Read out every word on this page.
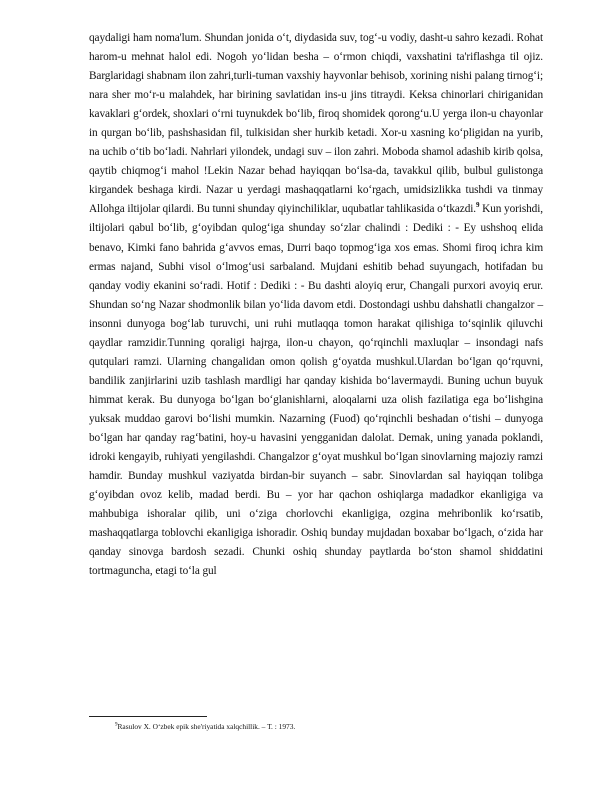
qaydaligi ham noma'lum. Shundan jonida o‘t, diydasida suv, tog‘-u vodiy, dasht-u sahro kezadi. Rohat harom-u mehnat halol edi. Nogoh yo‘lidan besha – o‘rmon chiqdi, vaxshatini ta'riflashga til ojiz. Barglaridagi shabnam ilon zahri,turli-tuman vaxshiy hayvonlar behisob, xorining nishi palang tirnog‘i; nara sher mo‘r-u malahdek, har birining savlatidan ins-u jins titraydi. Keksa chinorlari chiriganidan kavaklari g‘ordek, shoxlari o‘rni tuynukdek bo‘lib, firoq shomidek qorong‘u.U yerga ilon-u chayonlar in qurgan bo‘lib, pashshasidan fil, tulkisidan sher hurkib ketadi. Xor-u xasning ko‘pligidan na yurib, na uchib o‘tib bo‘ladi. Nahrlari yilondek, undagi suv – ilon zahri. Moboda shamol adashib kirib qolsa, qaytib chiqmog‘i mahol !Lekin Nazar behad hayiqqan bo‘lsa-da, tavakkul qilib, bulbul gulistonga kirgandek beshaga kirdi. Nazar u yerdagi mashaqqatlarni ko‘rgach, umidsizlikka tushdi va tinmay Allohga iltijolar qilardi. Bu tunni shunday qiyinchiliklar, uqubatlar tahlikasida o‘tkazdi.$^9$ Kun yorishdi, iltijolari qabul bo‘lib, g‘oyibdan qulog‘iga shunday so‘zlar chalindi : Dediki : - Ey ushshoq elida benavo, Kimki fano bahrida g‘avvos emas, Durri baqo topmog‘iga xos emas. Shomi firoq ichra kim ermas najand, Subhi visol o‘lmog‘usi sarbaland. Mujdani eshitib behad suyungach, hotifadan bu qanday vodiy ekanini so‘radi. Hotif : Dediki : - Bu dashti aloyiq erur, Changali purxori avoyiq erur. Shundan so‘ng Nazar shodmonlik bilan yo‘lida davom etdi. Dostondagi ushbu dahshatli changalzor – insonni dunyoga bog‘lab turuvchi, uni ruhi mutlaqqa tomon harakat qilishiga to‘sqinlik qiluvchi qaydlar ramzidir.Tunning qoraligi hajrga, ilon-u chayon, qo‘rqinchli maxluqlar – insondagi nafs qutqulari ramzi. Ularning changalidan omon qolish g‘oyatda mushkul.Ulardan bo‘lgan qo‘rquvni, bandilik zanjirlarini uzib tashlash mardligi har qanday kishida bo‘lavermaydi. Buning uchun buyuk himmat kerak. Bu dunyoga bo‘lgan bo‘glanishlarni, aloqalarni uza olish fazilatiga ega bo‘lishgina yuksak muddao garovi bo‘lishi mumkin. Nazarning (Fuod) qo‘rqinchli beshadan o‘tishi – dunyoga bo‘lgan har qanday rag‘batini, hoy-u havasini yengganidan dalolat. Demak, uning yanada poklandi, idroki kengayib, ruhiyati yengilashdi. Changalzor g‘oyat mushkul bo‘lgan sinovlarning majoziy ramzi hamdir. Bunday mushkul vaziyatda birdan-bir suyanch – sabr. Sinovlardan sal hayiqqan tolibga g‘oyibdan ovoz kelib, madad berdi. Bu – yor har qachon oshiqlarga madadkor ekanligiga va mahbubiga ishoralar qilib, uni o‘ziga chorlovchi ekanligiga, ozgina mehribonlik ko‘rsatib, mashaqqatlarga toblovchi ekanligiga ishoradir. Oshiq bunday mujdadan boxabar bo‘lgach, o‘zida har qanday sinovga bardosh sezadi. Chunki oshiq shunday paytlarda bo‘ston shamol shiddatini tortmaguncha, etagi to‘la gul

$^9$Rasulov X. O‘zbek epik she'riyatida xalqchillik. – T. : 1973.
